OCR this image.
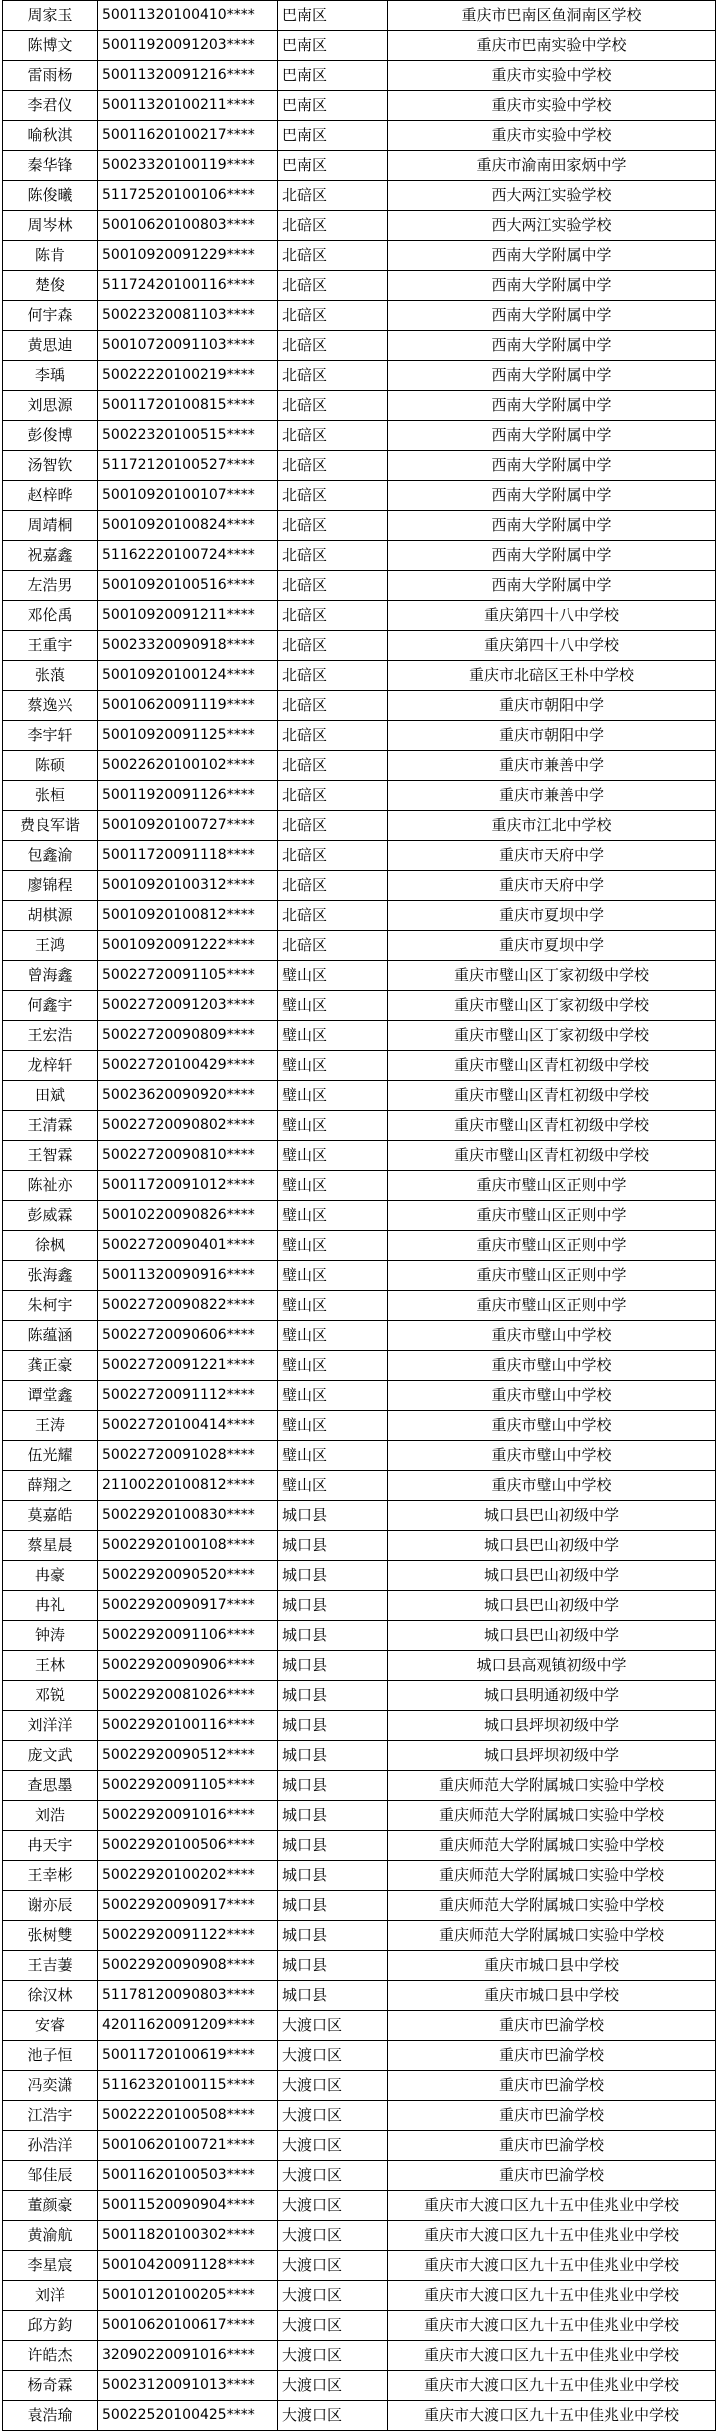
周家玉	50011320100410****	巴南区	重庆市巴南区鱼洞南区学校
陈博文	50011920091203****	巴南区	重庆市巴南实验中学校
雷雨杨	50011320091216****	巴南区	重庆市实验中学校
李君仪	50011320100211****	巴南区	重庆市实验中学校
喻秋淇	50011620100217****	巴南区	重庆市实验中学校
秦华锋	50023320100119****	巴南区	重庆市渝南田家炳中学
陈俊曦	51172520100106****	北碚区	西大两江实验学校
周岑林	50010620100803****	北碚区	西大两江实验学校
陈肯	50010920091229****	北碚区	西南大学附属中学
楚俊	51172420100116****	北碚区	西南大学附属中学
何宇森	50022320081103****	北碚区	西南大学附属中学
黄思迪	50010720091103****	北碚区	西南大学附属中学
李瑀	50022220100219****	北碚区	西南大学附属中学
刘思源	50011720100815****	北碚区	西南大学附属中学
彭俊博	50022320100515****	北碚区	西南大学附属中学
汤智钦	51172120100527****	北碚区	西南大学附属中学
赵梓晔	50010920100107****	北碚区	西南大学附属中学
周靖桐	50010920100824****	北碚区	西南大学附属中学
祝嘉鑫	51162220100724****	北碚区	西南大学附属中学
左浩男	50010920100516****	北碚区	西南大学附属中学
邓伦禹	50010920091211****	北碚区	重庆第四十八中学校
王重宇	50023320090918****	北碚区	重庆第四十八中学校
张蒗	50010920100124****	北碚区	重庆市北碚区王朴中学校
蔡逸兴	50010620091119****	北碚区	重庆市朝阳中学
李宇轩	50010920091125****	北碚区	重庆市朝阳中学
陈硕	50022620100102****	北碚区	重庆市兼善中学
张桓	50011920091126****	北碚区	重庆市兼善中学
费良军谐	50010920100727****	北碚区	重庆市江北中学校
包鑫渝	50011720091118****	北碚区	重庆市天府中学
廖锦程	50010920100312****	北碚区	重庆市天府中学
胡棋源	50010920100812****	北碚区	重庆市夏坝中学
王鸿	50010920091222****	北碚区	重庆市夏坝中学
曾海鑫	50022720091105****	璧山区	重庆市璧山区丁家初级中学校
何鑫宇	50022720091203****	璧山区	重庆市璧山区丁家初级中学校
王宏浩	50022720090809****	璧山区	重庆市璧山区丁家初级中学校
龙梓轩	50022720100429****	璧山区	重庆市璧山区青杠初级中学校
田斌	50023620090920****	璧山区	重庆市璧山区青杠初级中学校
王清霖	50022720090802****	璧山区	重庆市璧山区青杠初级中学校
王智霖	50022720090810****	璧山区	重庆市璧山区青杠初级中学校
陈祉亦	50011720091012****	璧山区	重庆市璧山区正则中学
彭威霖	50010220090826****	璧山区	重庆市璧山区正则中学
徐枫	50022720090401****	璧山区	重庆市璧山区正则中学
张海鑫	50011320090916****	璧山区	重庆市璧山区正则中学
朱柯宇	50022720090822****	璧山区	重庆市璧山区正则中学
陈蕴涵	50022720090606****	璧山区	重庆市璧山中学校
龚正豪	50022720091221****	璧山区	重庆市璧山中学校
谭堂鑫	50022720091112****	璧山区	重庆市璧山中学校
王涛	50022720100414****	璧山区	重庆市璧山中学校
伍光耀	50022720091028****	璧山区	重庆市璧山中学校
薛翔之	21100220100812****	璧山区	重庆市璧山中学校
莫嘉皓	50022920100830****	城口县	城口县巴山初级中学
蔡星晨	50022920100108****	城口县	城口县巴山初级中学
冉豪	50022920090520****	城口县	城口县巴山初级中学
冉礼	50022920090917****	城口县	城口县巴山初级中学
钟涛	50022920091106****	城口县	城口县巴山初级中学
王林	50022920090906****	城口县	城口县高观镇初级中学
邓锐	50022920081026****	城口县	城口县明通初级中学
刘洋洋	50022920100116****	城口县	城口县坪坝初级中学
庞文武	50022920090512****	城口县	城口县坪坝初级中学
查思墨	50022920091105****	城口县	重庆师范大学附属城口实验中学校
刘浩	50022920091016****	城口县	重庆师范大学附属城口实验中学校
冉天宇	50022920100506****	城口县	重庆师范大学附属城口实验中学校
王幸彬	50022920100202****	城口县	重庆师范大学附属城口实验中学校
谢亦辰	50022920090917****	城口县	重庆师范大学附属城口实验中学校
张树雙	50022920091122****	城口县	重庆师范大学附属城口实验中学校
王吉萋	50022920090908****	城口县	重庆市城口县中学校
徐汉林	51178120090803****	城口县	重庆市城口县中学校
安睿	42011620091209****	大渡口区	重庆市巴渝学校
池子恒	50011720100619****	大渡口区	重庆市巴渝学校
冯奕潇	51162320100115****	大渡口区	重庆市巴渝学校
江浩宇	50022220100508****	大渡口区	重庆市巴渝学校
孙浩洋	50010620100721****	大渡口区	重庆市巴渝学校
邹佳辰	50011620100503****	大渡口区	重庆市巴渝学校
董颜豪	50011520090904****	大渡口区	重庆市大渡口区九十五中佳兆业中学校
黄渝航	50011820100302****	大渡口区	重庆市大渡口区九十五中佳兆业中学校
李星宸	50010420091128****	大渡口区	重庆市大渡口区九十五中佳兆业中学校
刘洋	50010120100205****	大渡口区	重庆市大渡口区九十五中佳兆业中学校
邱方鈞	50010620100617****	大渡口区	重庆市大渡口区九十五中佳兆业中学校
许皓杰	32090220091016****	大渡口区	重庆市大渡口区九十五中佳兆业中学校
杨奇霖	50023120091013****	大渡口区	重庆市大渡口区九十五中佳兆业中学校
袁浩瑜	50022520100425****	大渡口区	重庆市大渡口区九十五中佳兆业中学校
